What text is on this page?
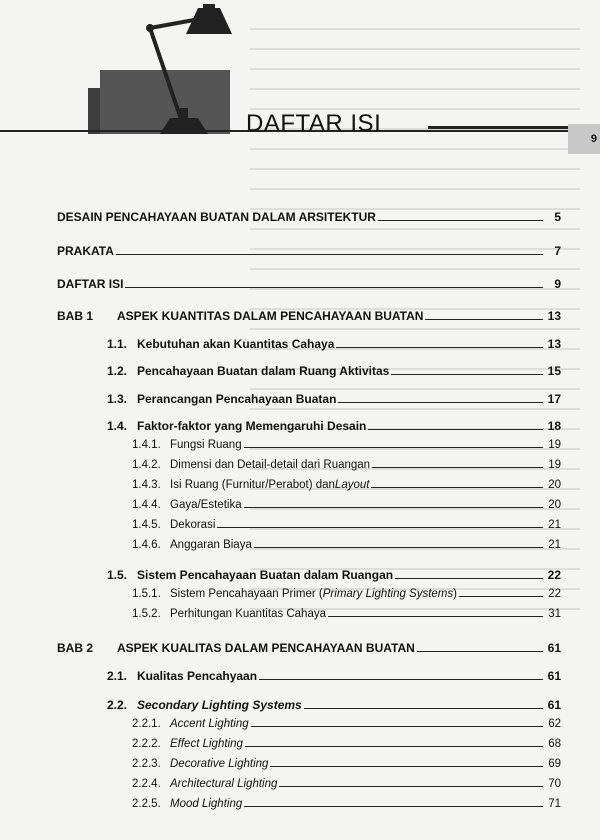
9
DAFTAR ISI
DESAIN PENCAHAYAAN BUATAN DALAM ARSITEKTUR	5
PRAKATA	7
DAFTAR ISI	9
BAB 1	ASPEK KUANTITAS DALAM PENCAHAYAAN BUATAN	13
1.1. Kebutuhan akan Kuantitas Cahaya	13
1.2. Pencahayaan Buatan dalam Ruang Aktivitas	15
1.3. Perancangan Pencahayaan Buatan	17
1.4. Faktor-faktor yang Memengaruhi Desain	18
1.4.1. Fungsi Ruang	19
1.4.2. Dimensi dan Detail-detail dari Ruangan	19
1.4.3. Isi Ruang (Furnitur/Perabot) dan Layout	20
1.4.4. Gaya/Estetika	20
1.4.5. Dekorasi	21
1.4.6. Anggaran Biaya	21
1.5. Sistem Pencahayaan Buatan dalam Ruangan	22
1.5.1. Sistem Pencahayaan Primer ( Primary Lighting Systems )	22
1.5.2. Perhitungan Kuantitas Cahaya	31
BAB 2	ASPEK KUALITAS DALAM PENCAHAYAAN BUATAN	61
2.1. Kualitas Pencahyaan	61
2.2. Secondary Lighting Systems	61
2.2.1. Accent Lighting	62
2.2.2. Effect Lighting	68
2.2.3. Decorative Lighting	69
2.2.4. Architectural Lighting	70
2.2.5. Mood Lighting	71
